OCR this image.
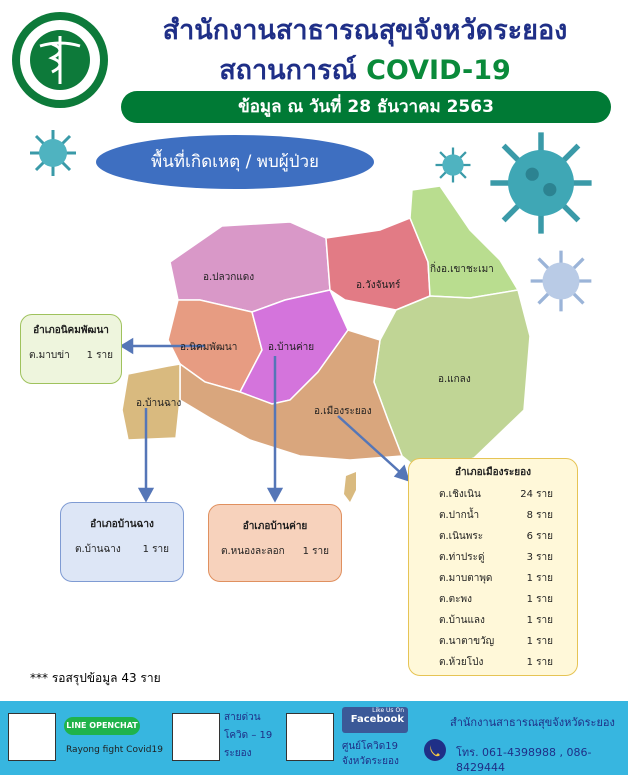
สำนักงานสาธารณสุขจังหวัดระยอง
สถานการณ์ COVID-19
ข้อมูล ณ วันที่ 28 ธันวาคม 2563
พื้นที่เกิดเหตุ / พบผู้ป่วย
อ.ปลวกแดง
อ.วังจันทร์
กิ่งอ.เขาชะเมา
อ.นิคมพัฒนา	อ.บ้านค่าย
อ.แกลง
อ.บ้านฉาง
อ.เมืองระยอง
อำเภอนิคมพัฒนา
ต.มาบข่า 1 ราย
อำเภอบ้านฉาง
ต.บ้านฉาง 1 ราย
อำเภอบ้านค่าย
ต.หนองละลอก 1 ราย
อำเภอเมืองระยอง
ต.เชิงเนิน	24 ราย
ต.ปากน้ำ	8 ราย
ต.เนินพระ	6 ราย
ต.ท่าประดู่	3 ราย
ต.มาบตาพุด	1 ราย
ต.ตะพง	1 ราย
ต.บ้านแลง	1 ราย
ต.นาตาขวัญ	1 ราย
ต.ห้วยโป่ง	1 ราย
*** รอสรุปข้อมูล 43 ราย
LINE OPENCHAT
Rayong fight Covid19
สายด่วน
โควิด – 19
ระยอง
Like Us On
Facebook
ศูนย์โควิด19
จังหวัดระยอง
สำนักงานสาธารณสุขจังหวัดระยอง
โทร. 061-4398988 , 086-8429444
